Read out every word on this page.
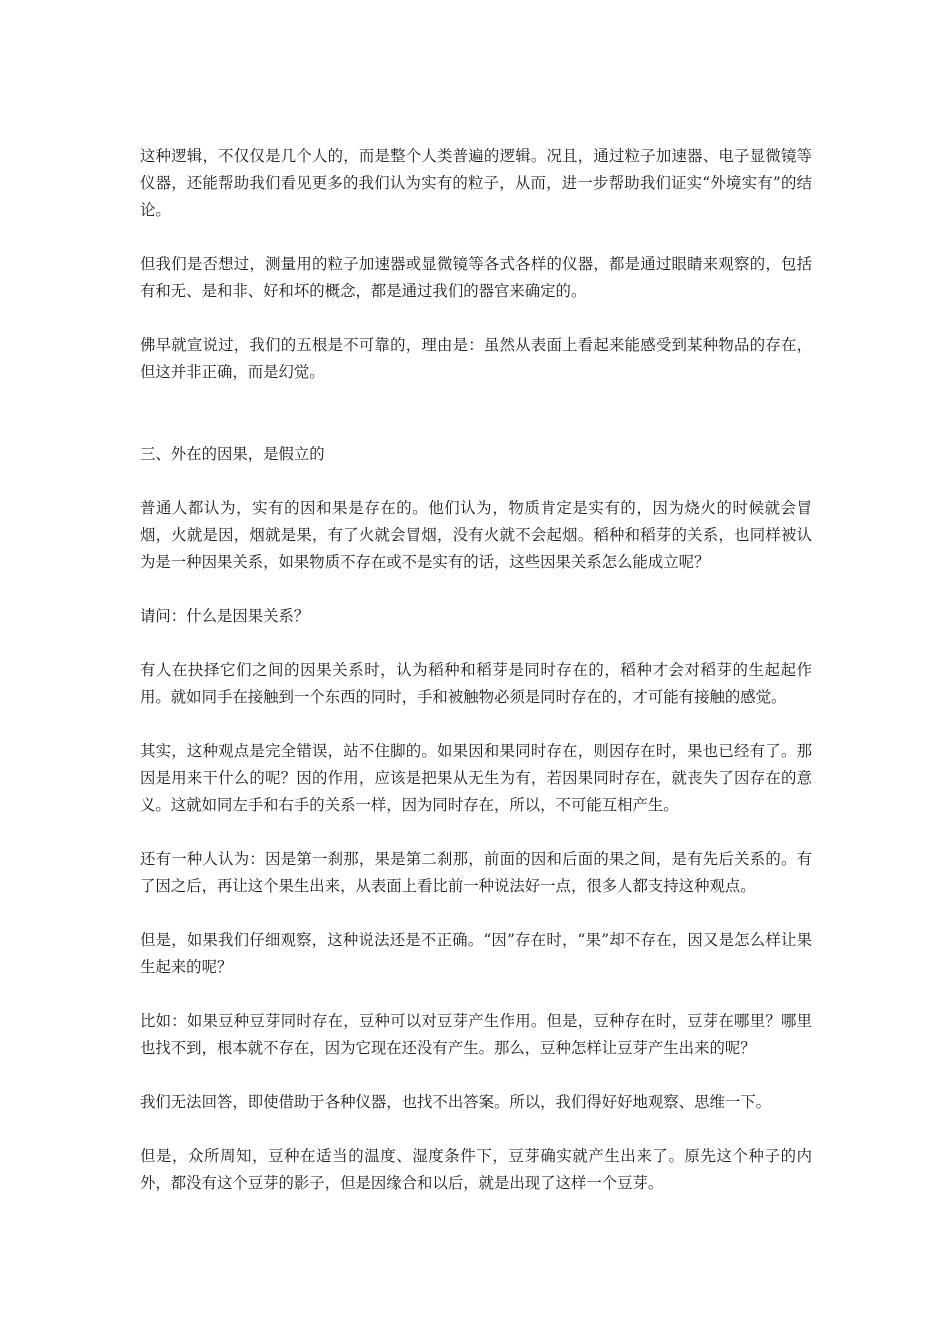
这种逻辑，不仅仅是几个人的，而是整个人类普遍的逻辑。况且，通过粒子加速器、电子显微镜等仪器，还能帮助我们看见更多的我们认为实有的粒子，从而，进一步帮助我们证实“外境实有”的结论。

但我们是否想过，测量用的粒子加速器或显微镜等各式各样的仪器，都是通过眼睛来观察的，包括有和无、是和非、好和坏的概念，都是通过我们的器官来确定的。

佛早就宣说过，我们的五根是不可靠的，理由是：虽然从表面上看起来能感受到某种物品的存在，但这并非正确，而是幻觉。

三、外在的因果，是假立的

普通人都认为，实有的因和果是存在的。他们认为，物质肯定是实有的，因为烧火的时候就会冒烟，火就是因，烟就是果，有了火就会冒烟，没有火就不会起烟。稻种和稻芽的关系，也同样被认为是一种因果关系，如果物质不存在或不是实有的话，这些因果关系怎么能成立呢？

请问：什么是因果关系？

有人在抉择它们之间的因果关系时，认为稻种和稻芽是同时存在的，稻种才会对稻芽的生起起作用。就如同手在接触到一个东西的同时，手和被触物必须是同时存在的，才可能有接触的感觉。

其实，这种观点是完全错误，站不住脚的。如果因和果同时存在，则因存在时，果也已经有了。那因是用来干什么的呢？因的作用，应该是把果从无生为有，若因果同时存在，就丧失了因存在的意义。这就如同左手和右手的关系一样，因为同时存在，所以，不可能互相产生。

还有一种人认为：因是第一刹那，果是第二刹那，前面的因和后面的果之间，是有先后关系的。有了因之后，再让这个果生出来，从表面上看比前一种说法好一点，很多人都支持这种观点。

但是，如果我们仔细观察，这种说法还是不正确。“因”存在时，“果”却不存在，因又是怎么样让果生起来的呢？

比如：如果豆种豆芽同时存在，豆种可以对豆芽产生作用。但是，豆种存在时，豆芽在哪里？哪里也找不到，根本就不存在，因为它现在还没有产生。那么，豆种怎样让豆芽产生出来的呢？

我们无法回答，即使借助于各种仪器，也找不出答案。所以，我们得好好地观察、思维一下。

但是，众所周知，豆种在适当的温度、湿度条件下，豆芽确实就产生出来了。原先这个种子的内外，都没有这个豆芽的影子，但是因缘合和以后，就是出现了这样一个豆芽。
